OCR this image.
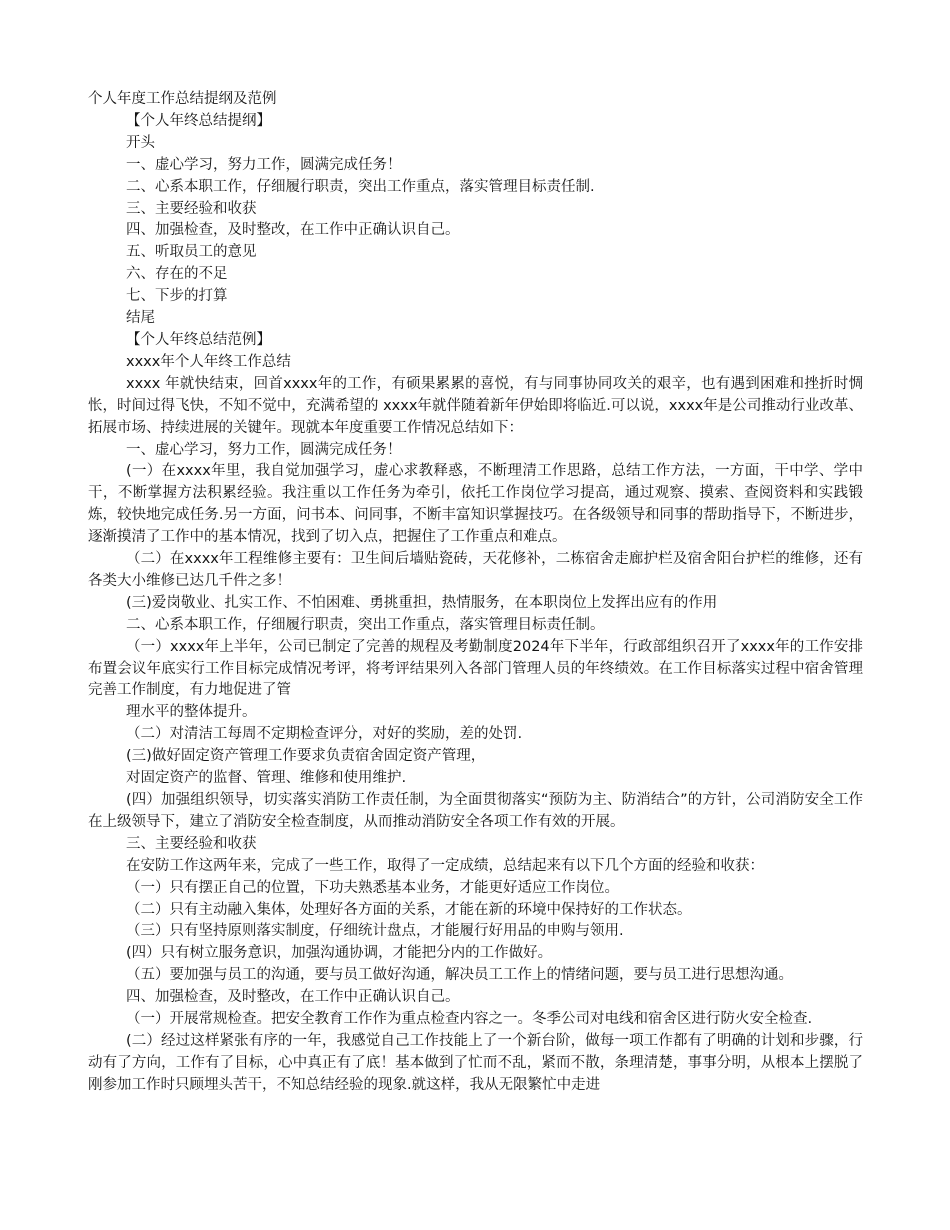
个人年度工作总结提纲及范例

【个人年终总结提纲】

开头

一、虚心学习，努力工作，圆满完成任务！

二、心系本职工作，仔细履行职责，突出工作重点，落实管理目标责任制.

三、主要经验和收获

四、加强检查，及时整改，在工作中正确认识自己。

五、听取员工的意见

六、存在的不足

七、下步的打算

结尾

【个人年终总结范例】

xxxx年个人年终工作总结

xxxx 年就快结束，回首xxxx年的工作，有硕果累累的喜悦，有与同事协同攻关的艰辛，也有遇到困难和挫折时惆怅，时间过得飞快，不知不觉中，充满希望的 xxxx年就伴随着新年伊始即将临近.可以说，xxxx年是公司推动行业改革、拓展市场、持续进展的关键年。现就本年度重要工作情况总结如下：

一、虚心学习，努力工作，圆满完成任务！

(一）在xxxx年里，我自觉加强学习，虚心求教释惑，不断理清工作思路，总结工作方法，一方面，干中学、学中干，不断掌握方法积累经验。我注重以工作任务为牵引，依托工作岗位学习提高，通过观察、摸索、查阅资料和实践锻炼，较快地完成任务.另一方面，问书本、问同事，不断丰富知识掌握技巧。在各级领导和同事的帮助指导下，不断进步，逐渐摸清了工作中的基本情况，找到了切入点，把握住了工作重点和难点。

（二）在xxxx年工程维修主要有：卫生间后墙贴瓷砖，天花修补，二栋宿舍走廊护栏及宿舍阳台护栏的维修，还有各类大小维修已达几千件之多！

(三)爱岗敬业、扎实工作、不怕困难、勇挑重担，热情服务，在本职岗位上发挥出应有的作用

二、心系本职工作，仔细履行职责，突出工作重点，落实管理目标责任制。

（一）xxxx年上半年，公司已制定了完善的规程及考勤制度2024年下半年，行政部组织召开了xxxx年的工作安排布置会议年底实行工作目标完成情况考评，将考评结果列入各部门管理人员的年终绩效。在工作目标落实过程中宿舍管理完善工作制度，有力地促进了管

理水平的整体提升。

（二）对清洁工每周不定期检查评分，对好的奖励，差的处罚.

(三)做好固定资产管理工作要求负责宿舍固定资产管理，

对固定资产的监督、管理、维修和使用维护.

(四）加强组织领导，切实落实消防工作责任制，为全面贯彻落实“预防为主、防消结合”的方针，公司消防安全工作在上级领导下，建立了消防安全检查制度，从而推动消防安全各项工作有效的开展。

三、主要经验和收获

在安防工作这两年来，完成了一些工作，取得了一定成绩，总结起来有以下几个方面的经验和收获：

（一）只有摆正自己的位置，下功夫熟悉基本业务，才能更好适应工作岗位。

（二）只有主动融入集体，处理好各方面的关系，才能在新的环境中保持好的工作状态。

（三）只有坚持原则落实制度，仔细统计盘点，才能履行好用品的申购与领用.

(四）只有树立服务意识，加强沟通协调，才能把分内的工作做好。

（五）要加强与员工的沟通，要与员工做好沟通，解决员工工作上的情绪问题，要与员工进行思想沟通。

四、加强检查，及时整改，在工作中正确认识自己。

（一）开展常规检查。把安全教育工作作为重点检查内容之一。冬季公司对电线和宿舍区进行防火安全检查.

(二）经过这样紧张有序的一年，我感觉自己工作技能上了一个新台阶，做每一项工作都有了明确的计划和步骤，行动有了方向，工作有了目标，心中真正有了底！基本做到了忙而不乱，紧而不散，条理清楚，事事分明，从根本上摆脱了刚参加工作时只顾埋头苦干，不知总结经验的现象.就这样，我从无限繁忙中走进
